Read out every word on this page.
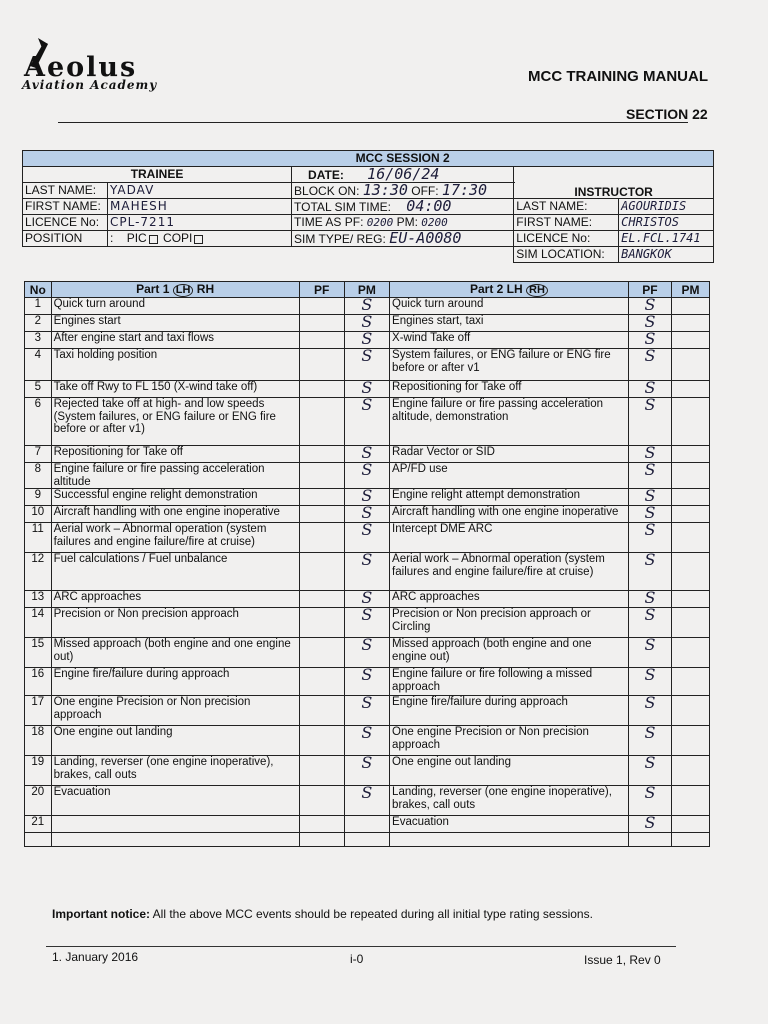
Aeolus
Aviation Academy	MCC TRAINING MANUAL
SECTION 22
		MCC SESSION 2		
TRAINEE		DATE: 16/06/24	INSTRUCTOR	
LAST NAME:	YADAV	BLOCK ON: 13:30 OFF: 17:30		
FIRST NAME:	MAHESH	TOTAL SIM TIME: 04:00	LAST NAME:	AGOURIDIS
LICENCE No:	CPL-7211	TIME AS PF: 0200 PM: 0200	FIRST NAME:	CHRISTOS
POSITION	: PIC COPI	SIM TYPE/ REG: EU-A0080	LICENCE No:	EL.FCL.1741
			SIM LOCATION:	BANGKOK
No	Part 1 LH RH	PF	PM	Part 2 LH RH	PF	PM
1	Quick turn around		S	Quick turn around	S	
2	Engines start		S	Engines start, taxi	S	
3	After engine start and taxi flows		S	X-wind Take off	S	
4	Taxi holding position		S	System failures, or ENG failure or ENG fire before or after v1	S	
5	Take off Rwy to FL 150 (X-wind take off)		S	Repositioning for Take off	S	
6	Rejected take off at high- and low speeds (System failures, or ENG failure or ENG fire before or after v1)		S	Engine failure or fire passing acceleration altitude, demonstration	S	
7	Repositioning for Take off		S	Radar Vector or SID	S	
8	Engine failure or fire passing acceleration altitude		S	AP/FD use	S	
9	Successful engine relight demonstration		S	Engine relight attempt demonstration	S	
10	Aircraft handling with one engine inoperative		S	Aircraft handling with one engine inoperative	S	
11	Aerial work – Abnormal operation (system failures and engine failure/fire at cruise)		S	Intercept DME ARC	S	
12	Fuel calculations / Fuel unbalance		S	Aerial work – Abnormal operation (system failures and engine failure/fire at cruise)	S	
13	ARC approaches		S	ARC approaches	S	
14	Precision or Non precision approach		S	Precision or Non precision approach or Circling	S	
15	Missed approach (both engine and one engine out)		S	Missed approach (both engine and one engine out)	S	
16	Engine fire/failure during approach		S	Engine failure or fire following a missed approach	S	
17	One engine Precision or Non precision approach		S	Engine fire/failure during approach	S	
18	One engine out landing		S	One engine Precision or Non precision approach	S	
19	Landing, reverser (one engine inoperative), brakes, call outs		S	One engine out landing	S	
20	Evacuation		S	Landing, reverser (one engine inoperative), brakes, call outs	S	
21				Evacuation	S	

Important notice: All the above MCC events should be repeated during all initial type rating sessions.
1. January 2016	i-0	Issue 1, Rev 0
